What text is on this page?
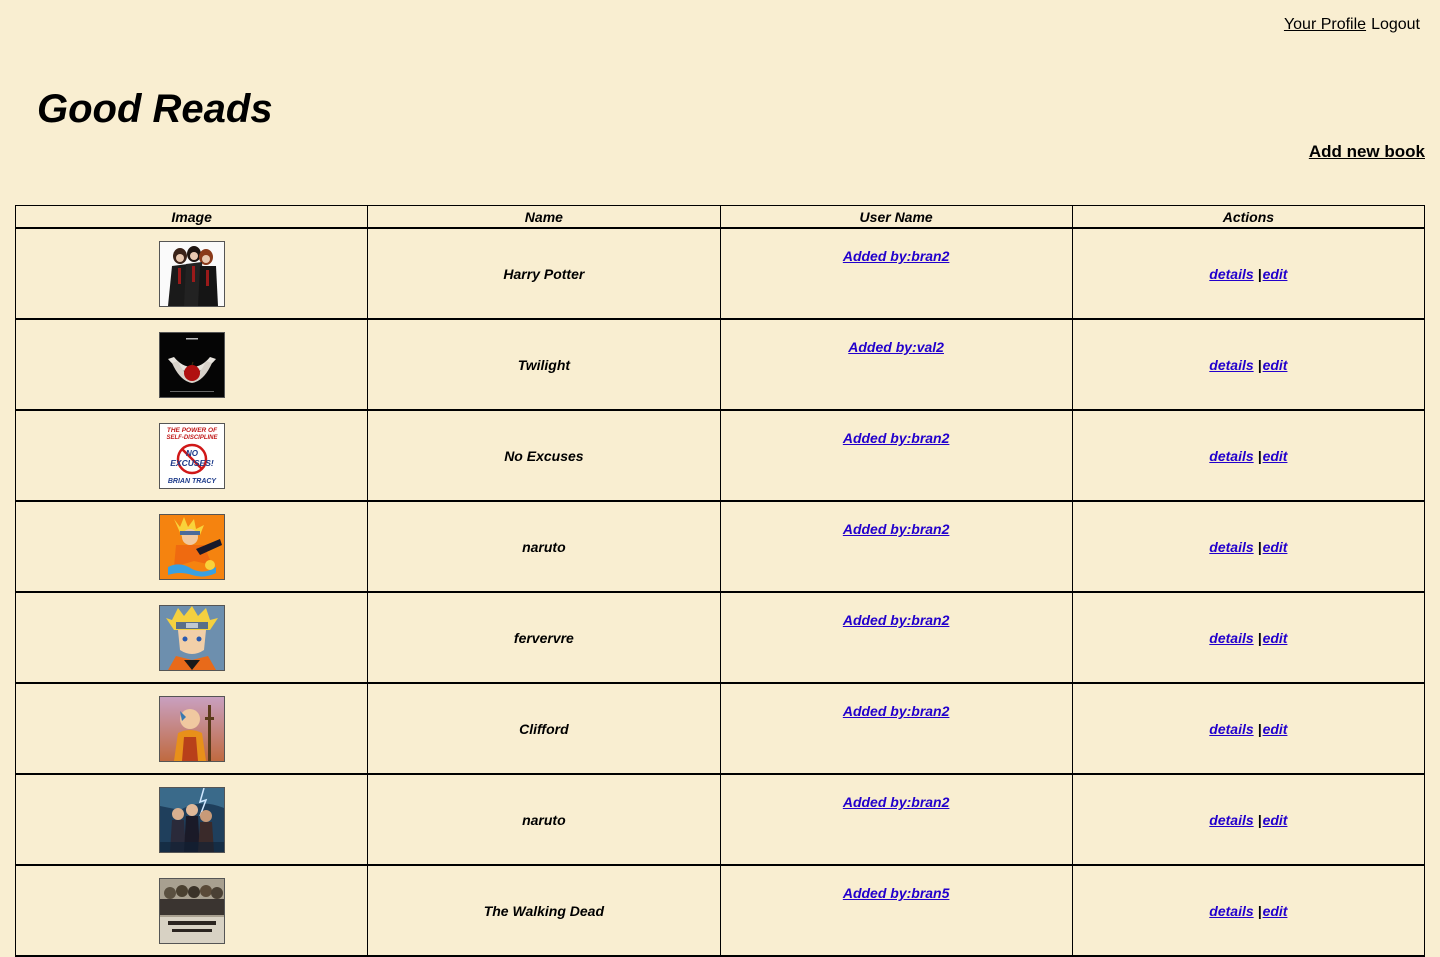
Your Profile Logout
Good Reads
Add new book
Image	Name	User Name	Actions

	Harry Potter	Added by:bran2	details |edit

	Twilight	Added by:val2	details |edit

THE POWER OF
SELF-DISCIPLINE
NO
EXCUSES!
BRIAN TRACY	No Excuses	Added by:bran2	details |edit

	naruto	Added by:bran2	details |edit

	fervervre	Added by:bran2	details |edit

	Clifford	Added by:bran2	details |edit

	naruto	Added by:bran2	details |edit

	The Walking Dead	Added by:bran5	details |edit
